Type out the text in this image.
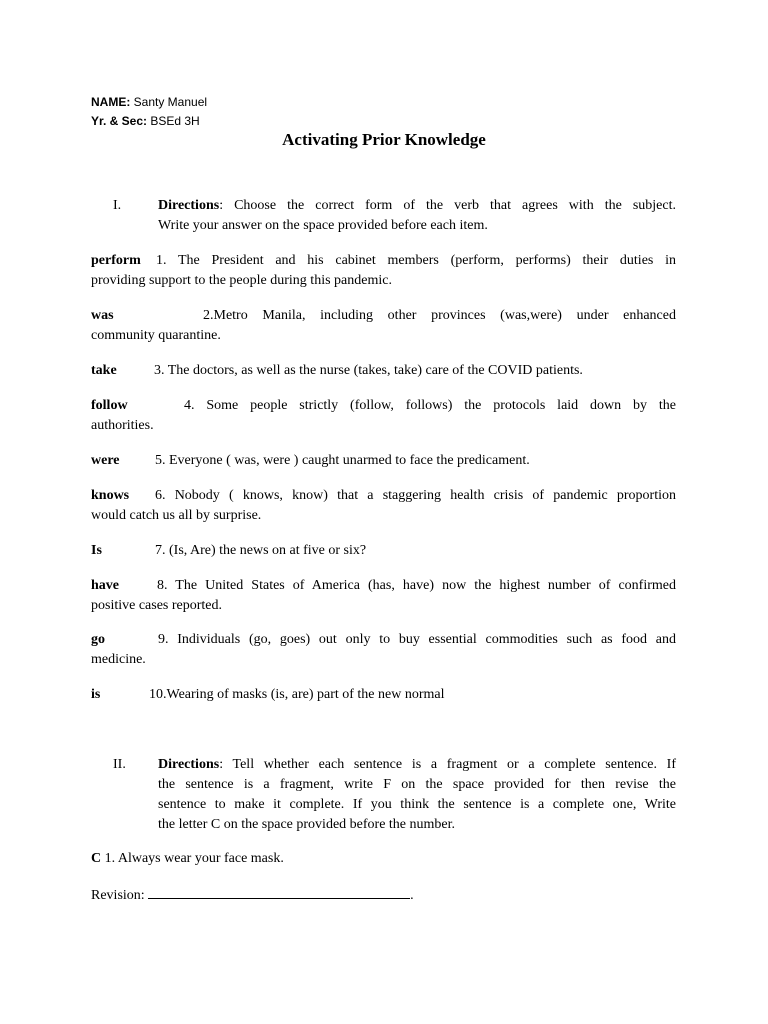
NAME: Santy Manuel
Yr. & Sec: BSEd 3H
Activating Prior Knowledge
I.	Directions: Choose the correct form of the verb that agrees with the subject.
Write your answer on the space provided before each item.
perform 1. The President and his cabinet members (perform, performs) their duties in
providing support to the people during this pandemic.
was	2.Metro Manila, including other provinces (was,were) under enhanced
community quarantine.
take	3. The doctors, as well as the nurse (takes, take) care of the COVID patients.
follow	4. Some people strictly (follow, follows) the protocols laid down by the
authorities.
were	5. Everyone ( was, were ) caught unarmed to face the predicament.
knows 6. Nobody ( knows, know) that a staggering health crisis of pandemic proportion
would catch us all by surprise.
Is	7. (Is, Are) the news on at five or six?
have	8. The United States of America (has, have) now the highest number of confirmed
positive cases reported.
go	9. Individuals (go, goes) out only to buy essential commodities such as food and
medicine.
is	10.Wearing of masks (is, are) part of the new normal
II. Directions: Tell whether each sentence is a fragment or a complete sentence. If
the sentence is a fragment, write F on the space provided for then revise the
sentence to make it complete. If you think the sentence is a complete one, Write
the letter C on the space provided before the number.
C 1. Always wear your face mask.
Revision:	.
